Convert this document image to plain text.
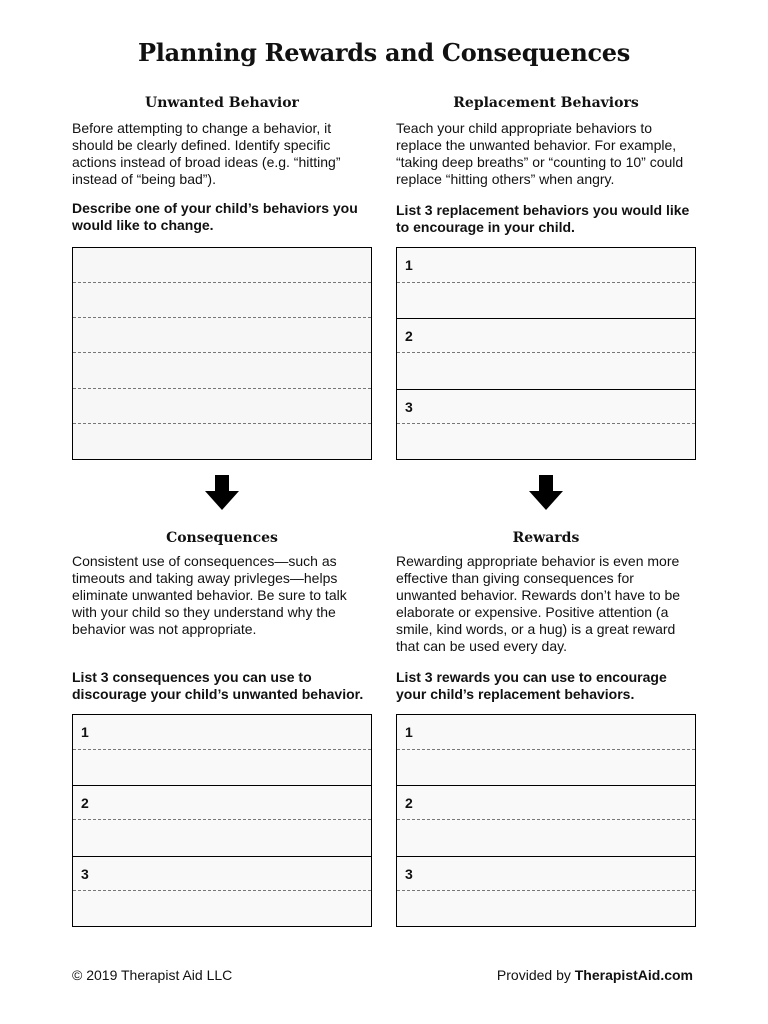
Planning Rewards and Consequences
Unwanted Behavior

Before attempting to change a behavior, it should be clearly defined. Identify specific actions instead of broad ideas (e.g. “hitting” instead of “being bad”).

Describe one of your child’s behaviors you would like to change.

Replacement Behaviors

Teach your child appropriate behaviors to replace the unwanted behavior. For example, “taking deep breaths” or “counting to 10” could replace “hitting others” when angry.

List 3 replacement behaviors you would like to encourage in your child.

1
2
3
Consequences

Consistent use of consequences—such as timeouts and taking away privleges—helps eliminate unwanted behavior. Be sure to talk with your child so they understand why the behavior was not appropriate.

List 3 consequences you can use to discourage your child’s unwanted behavior.

1
2
3
Rewards

Rewarding appropriate behavior is even more effective than giving consequences for unwanted behavior. Rewards don’t have to be elaborate or expensive. Positive attention (a smile, kind words, or a hug) is a great reward that can be used every day.

List 3 rewards you can use to encourage your child’s replacement behaviors.

1
2
3
© 2019 Therapist Aid LLC	Provided by TherapistAid.com
